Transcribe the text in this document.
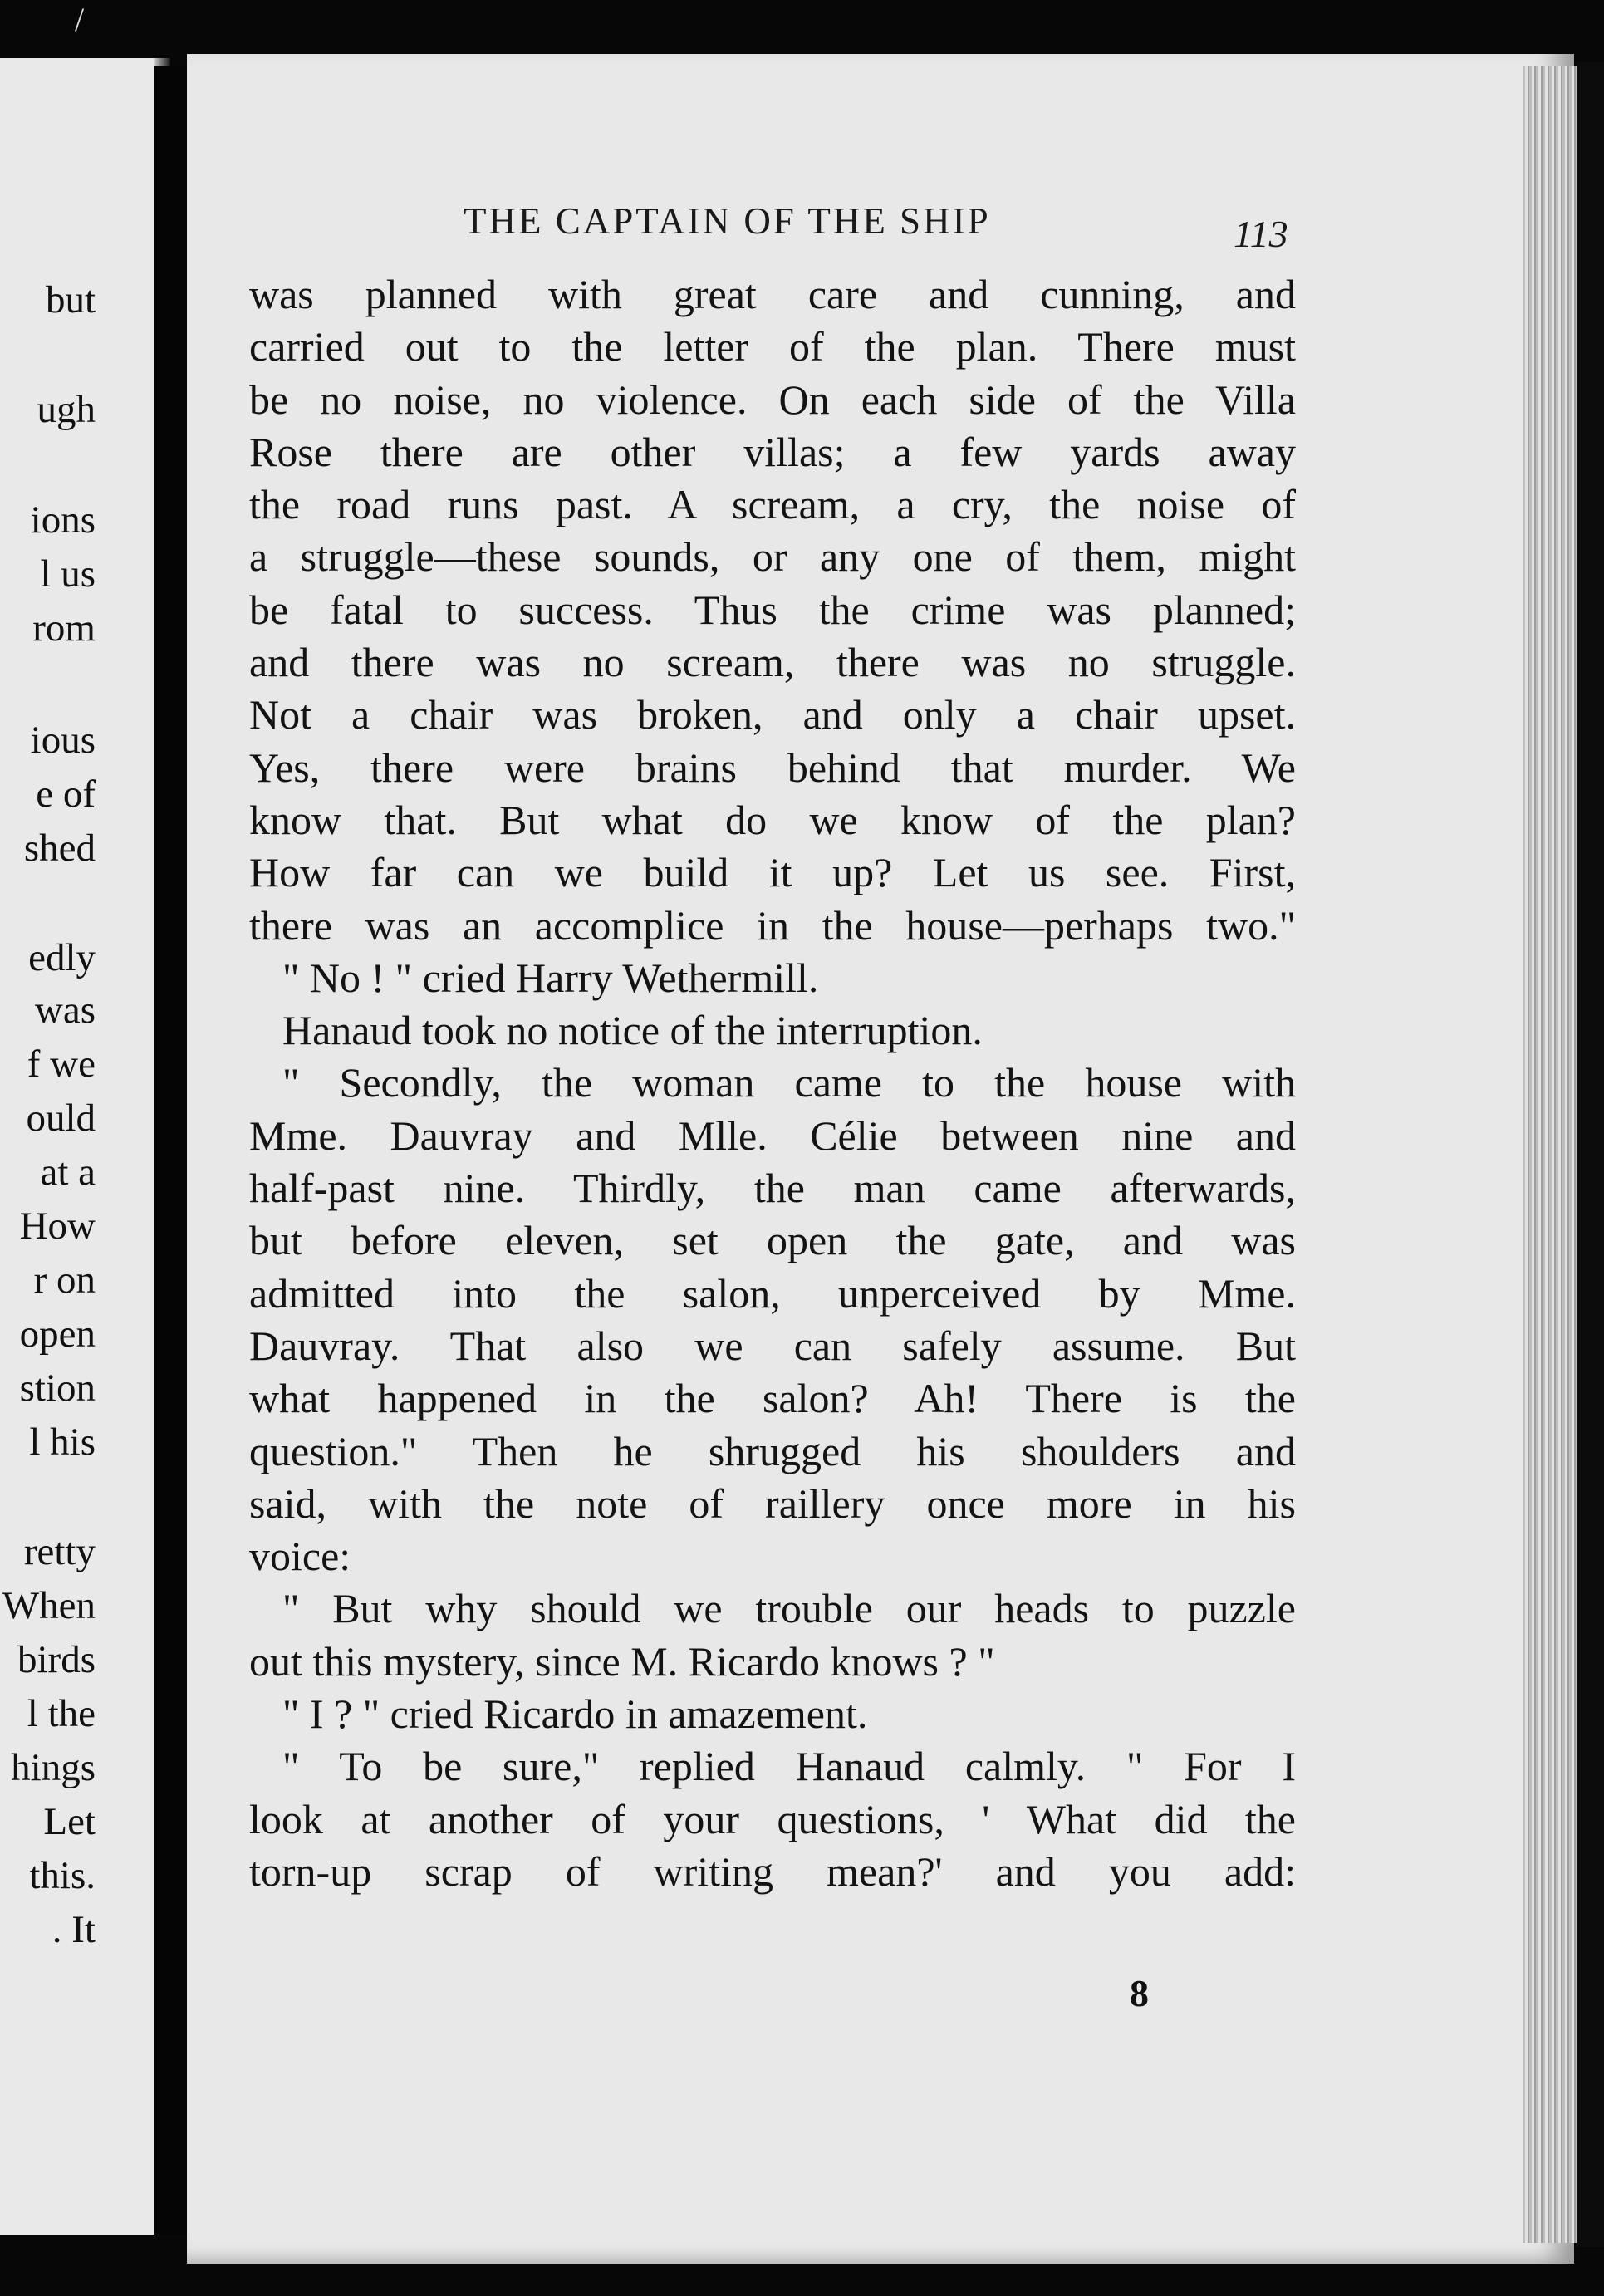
but
ugh
ions
l us
rom
ious
e of
shed
edly
was
f we
ould
at a
How
r on
open
stion
l his
retty
When
birds
l the
hings
Let
this.
. It
/
THE CAPTAIN OF THE SHIP	113
was planned with great care and cunning, and
carried out to the letter of the plan. There must
be no noise, no violence. On each side of the Villa
Rose there are other villas; a few yards away
the road runs past. A scream, a cry, the noise of
a struggle—these sounds, or any one of them, might
be fatal to success. Thus the crime was planned;
and there was no scream, there was no struggle.
Not a chair was broken, and only a chair upset.
Yes, there were brains behind that murder. We
know that. But what do we know of the plan?
How far can we build it up? Let us see. First,
there was an accomplice in the house—perhaps two."
" No ! " cried Harry Wethermill.
Hanaud took no notice of the interruption.
" Secondly, the woman came to the house with
Mme. Dauvray and Mlle. Célie between nine and
half-past nine. Thirdly, the man came afterwards,
but before eleven, set open the gate, and was
admitted into the salon, unperceived by Mme.
Dauvray. That also we can safely assume. But
what happened in the salon? Ah! There is the
question." Then he shrugged his shoulders and
said, with the note of raillery once more in his
voice:
" But why should we trouble our heads to puzzle
out this mystery, since M. Ricardo knows ? "
" I ? " cried Ricardo in amazement.
" To be sure," replied Hanaud calmly. " For I
look at another of your questions, ' What did the
torn-up scrap of writing mean?' and you add:
8
